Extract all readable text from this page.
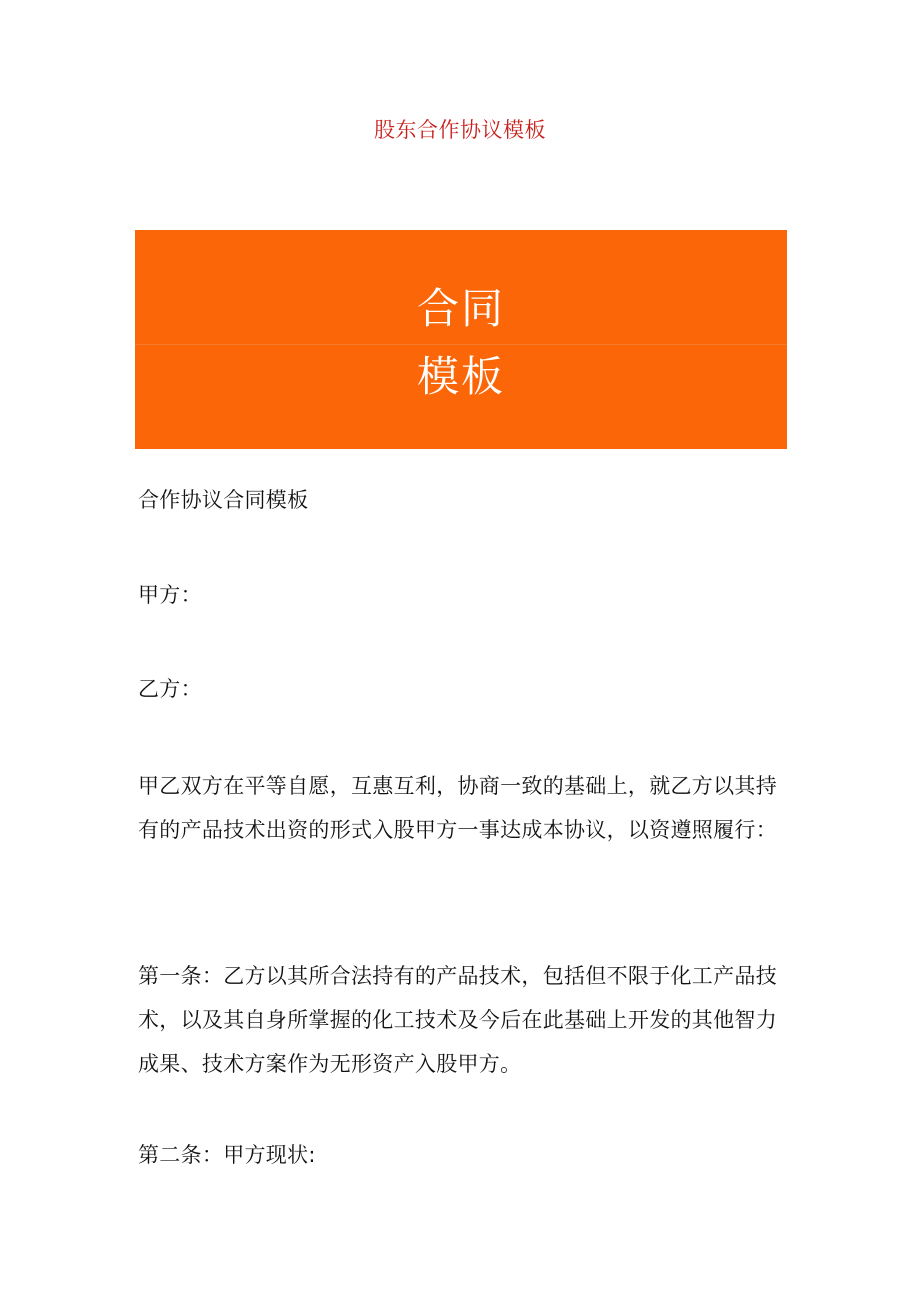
股东合作协议模板
合同
模板
合作协议合同模板
甲方：
乙方：
甲乙双方在平等自愿，互惠互利，协商一致的基础上，就乙方以其持有的产品技术出资的形式入股甲方一事达成本协议，以资遵照履行：
第一条：乙方以其所合法持有的产品技术，包括但不限于化工产品技术，以及其自身所掌握的化工技术及今后在此基础上开发的其他智力成果、技术方案作为无形资产入股甲方。
第二条：甲方现状:
